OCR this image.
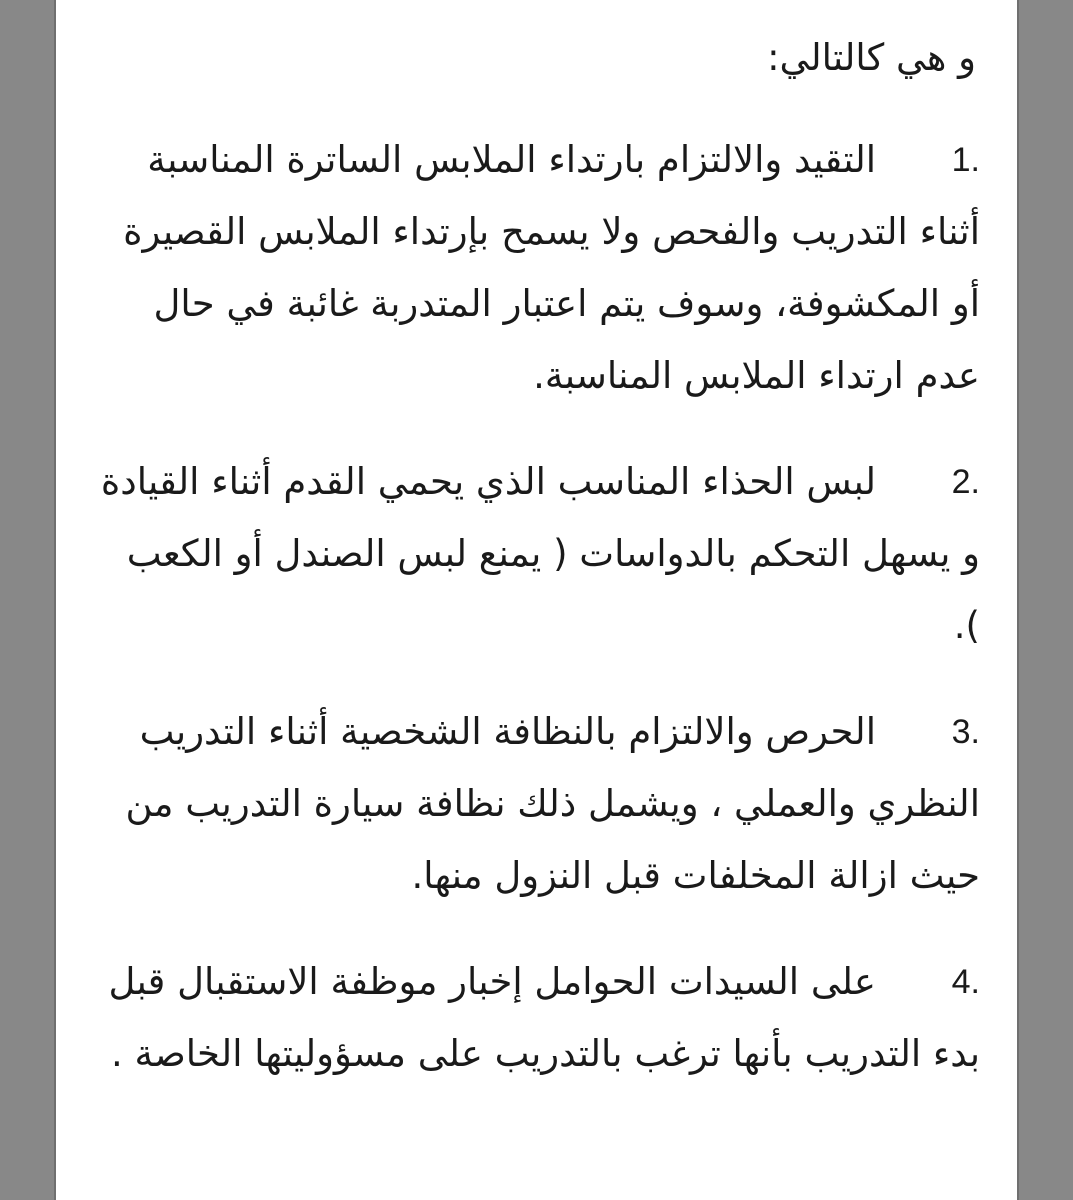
و هي كالتالي:
1.
التقيد والالتزام بارتداء الملابس الساترة المناسبة أثناء التدريب والفحص ولا يسمح بإرتداء الملابس القصيرة أو المكشوفة، وسوف يتم اعتبار المتدربة غائبة في حال عدم ارتداء الملابس المناسبة.
2.
لبس الحذاء المناسب الذي يحمي القدم أثناء القيادة و يسهل التحكم بالدواسات ( يمنع لبس الصندل أو الكعب ).
3.
الحرص والالتزام بالنظافة الشخصية أثناء التدريب النظري والعملي ، ويشمل ذلك نظافة سيارة التدريب من حيث ازالة المخلفات قبل النزول منها.
4.
على السيدات الحوامل إخبار موظفة الاستقبال قبل بدء التدريب بأنها ترغب بالتدريب على مسؤوليتها الخاصة .
